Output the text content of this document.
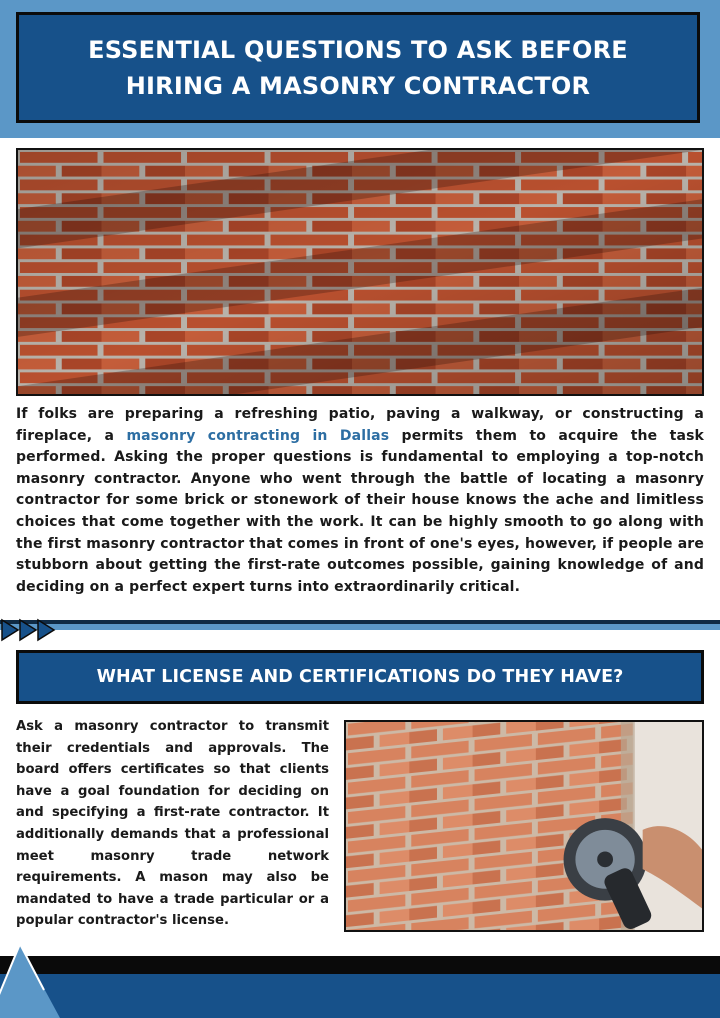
ESSENTIAL QUESTIONS TO ASK BEFORE
HIRING A MASONRY CONTRACTOR

If folks are preparing a refreshing patio, paving a walkway, or constructing a fireplace, a masonry contracting in Dallas permits them to acquire the task performed. Asking the proper questions is fundamental to employing a top-notch masonry contractor. Anyone who went through the battle of locating a masonry contractor for some brick or stonework of their house knows the ache and limitless choices that come together with the work. It can be highly smooth to go along with the first masonry contractor that comes in front of one's eyes, however, if people are stubborn about getting the first-rate outcomes possible, gaining knowledge of and deciding on a perfect expert turns into extraordinarily critical.

WHAT LICENSE AND CERTIFICATIONS DO THEY HAVE?

Ask a masonry contractor to transmit their credentials and approvals. The board offers certificates so that clients have a goal foundation for deciding on and specifying a first-rate contractor. It additionally demands that a professional meet masonry trade network requirements. A mason may also be mandated to have a trade particular or a popular contractor's license.
